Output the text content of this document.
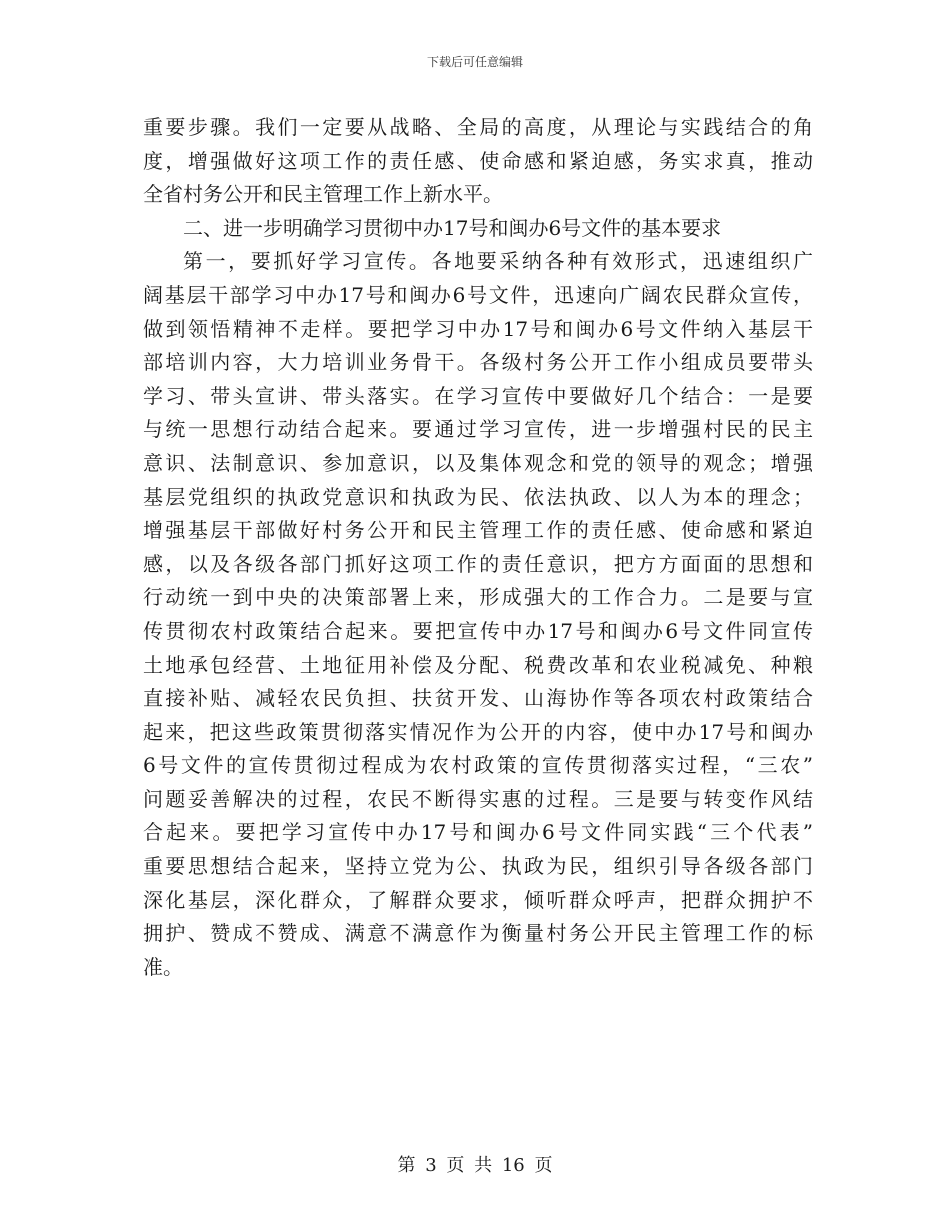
下载后可任意编辑
重要步骤。我们一定要从战略、全局的高度，从理论与实践结合的角
度，增强做好这项工作的责任感、使命感和紧迫感，务实求真，推动
全省村务公开和民主管理工作上新水平。
二、进一步明确学习贯彻中办17号和闽办6号文件的基本要求
第一，要抓好学习宣传。各地要采纳各种有效形式，迅速组织广
阔基层干部学习中办17号和闽办6号文件，迅速向广阔农民群众宣传，
做到领悟精神不走样。要把学习中办17号和闽办6号文件纳入基层干
部培训内容，大力培训业务骨干。各级村务公开工作小组成员要带头
学习、带头宣讲、带头落实。在学习宣传中要做好几个结合：一是要
与统一思想行动结合起来。要通过学习宣传，进一步增强村民的民主
意识、法制意识、参加意识，以及集体观念和党的领导的观念；增强
基层党组织的执政党意识和执政为民、依法执政、以人为本的理念；
增强基层干部做好村务公开和民主管理工作的责任感、使命感和紧迫
感，以及各级各部门抓好这项工作的责任意识，把方方面面的思想和
行动统一到中央的决策部署上来，形成强大的工作合力。二是要与宣
传贯彻农村政策结合起来。要把宣传中办17号和闽办6号文件同宣传
土地承包经营、土地征用补偿及分配、税费改革和农业税减免、种粮
直接补贴、减轻农民负担、扶贫开发、山海协作等各项农村政策结合
起来，把这些政策贯彻落实情况作为公开的内容，使中办17号和闽办
6号文件的宣传贯彻过程成为农村政策的宣传贯彻落实过程，“三农”
问题妥善解决的过程，农民不断得实惠的过程。三是要与转变作风结
合起来。要把学习宣传中办17号和闽办6号文件同实践“三个代表”
重要思想结合起来，坚持立党为公、执政为民，组织引导各级各部门
深化基层，深化群众，了解群众要求，倾听群众呼声，把群众拥护不
拥护、赞成不赞成、满意不满意作为衡量村务公开民主管理工作的标
准。
第 3 页 共 16 页
